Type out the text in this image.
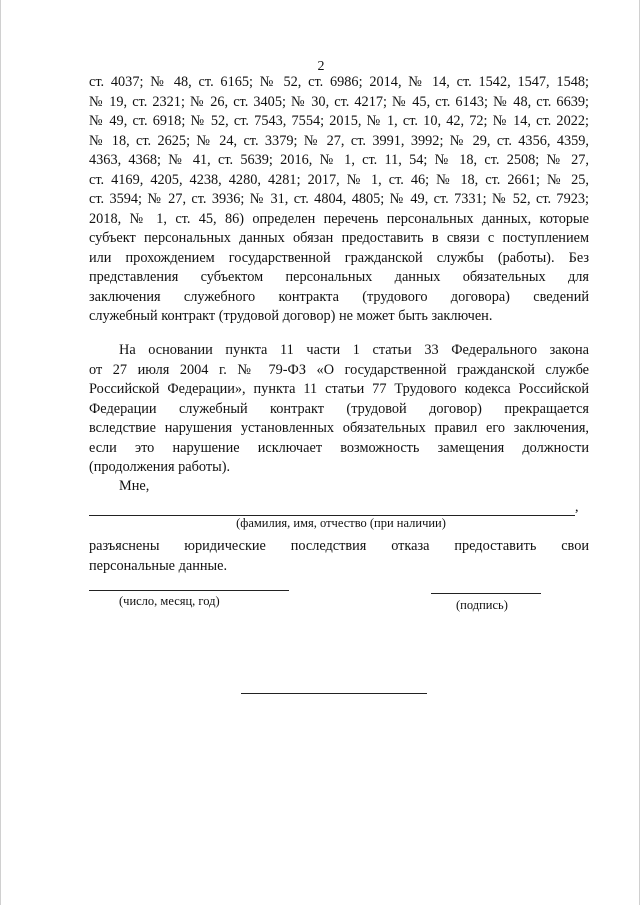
2
ст. 4037; № 48, ст. 6165; № 52, ст. 6986; 2014, № 14, ст. 1542, 1547, 1548;
№ 19, ст. 2321; № 26, ст. 3405; № 30, ст. 4217; № 45, ст. 6143; № 48, ст. 6639;
№ 49, ст. 6918; № 52, ст. 7543, 7554; 2015, № 1, ст. 10, 42, 72; № 14, ст. 2022;
№ 18, ст. 2625; № 24, ст. 3379; № 27, ст. 3991, 3992; № 29, ст. 4356, 4359,
4363, 4368; № 41, ст. 5639; 2016, № 1, ст. 11, 54; № 18, ст. 2508; № 27,
ст. 4169, 4205, 4238, 4280, 4281; 2017, № 1, ст. 46; № 18, ст. 2661; № 25,
ст. 3594; № 27, ст. 3936; № 31, ст. 4804, 4805; № 49, ст. 7331; № 52, ст. 7923;
2018, № 1, ст. 45, 86) определен перечень персональных данных, которые
субъект персональных данных обязан предоставить в связи с поступлением
или прохождением государственной гражданской службы (работы). Без
представления субъектом персональных данных обязательных для
заключения служебного контракта (трудового договора) сведений
служебный контракт (трудовой договор) не может быть заключен.
На основании пункта 11 части 1 статьи 33 Федерального закона
от 27 июля 2004 г. № 79-ФЗ «О государственной гражданской службе
Российской Федерации», пункта 11 статьи 77 Трудового кодекса Российской
Федерации служебный контракт (трудовой договор) прекращается
вследствие нарушения установленных обязательных правил его заключения,
если это нарушение исключает возможность замещения должности
(продолжения работы).
Мне,
,
(фамилия, имя, отчество (при наличии)
разъяснены юридические последствия отказа предоставить свои
персональные данные.
(число, месяц, год)	(подпись)
